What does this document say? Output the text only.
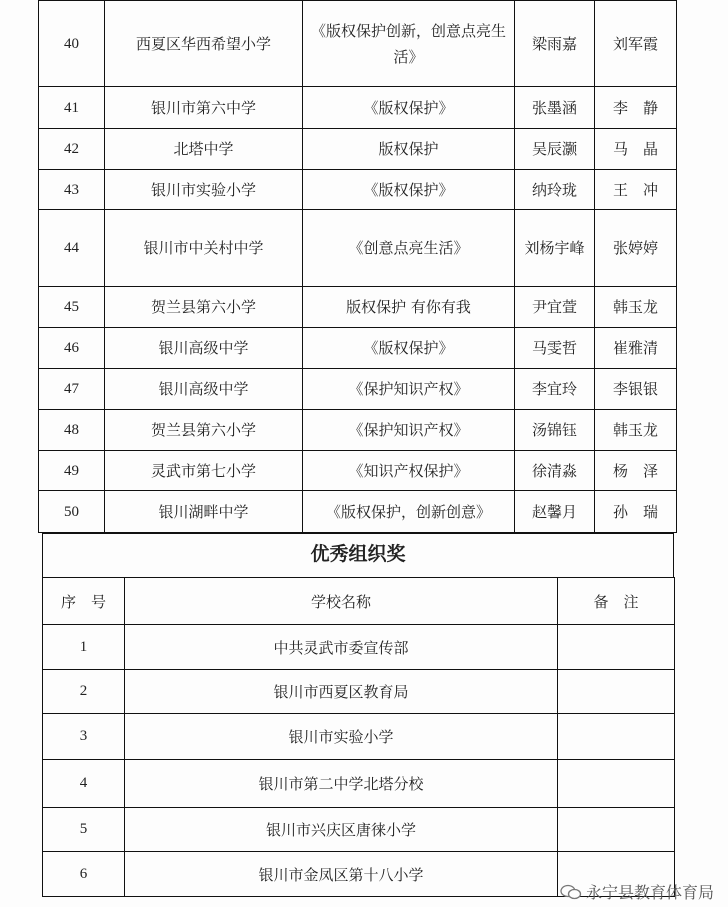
40	西夏区华西希望小学	《版权保护创新，创意点亮生活》	梁雨嘉	刘军霞
41	银川市第六中学	《版权保护》	张墨涵	李　静
42	北塔中学	版权保护	吴辰灏	马　晶
43	银川市实验小学	《版权保护》	纳玲珑	王　冲
44	银川市中关村中学	《创意点亮生活》	刘杨宇峰	张婷婷
45	贺兰县第六小学	版权保护 有你有我	尹宜萱	韩玉龙
46	银川高级中学	《版权保护》	马雯哲	崔雅清
47	银川高级中学	《保护知识产权》	李宜玲	李银银
48	贺兰县第六小学	《保护知识产权》	汤锦钰	韩玉龙
49	灵武市第七小学	《知识产权保护》	徐清淼	杨　泽
50	银川湖畔中学	《版权保护，创新创意》	赵馨月	孙　瑞
优秀组织奖
序　号	学校名称	备　注
1	中共灵武市委宣传部	
2	银川市西夏区教育局	
3	银川市实验小学	
4	银川市第二中学北塔分校	
5	银川市兴庆区唐徕小学	
6	银川市金凤区第十八小学	
永宁县教育体育局
